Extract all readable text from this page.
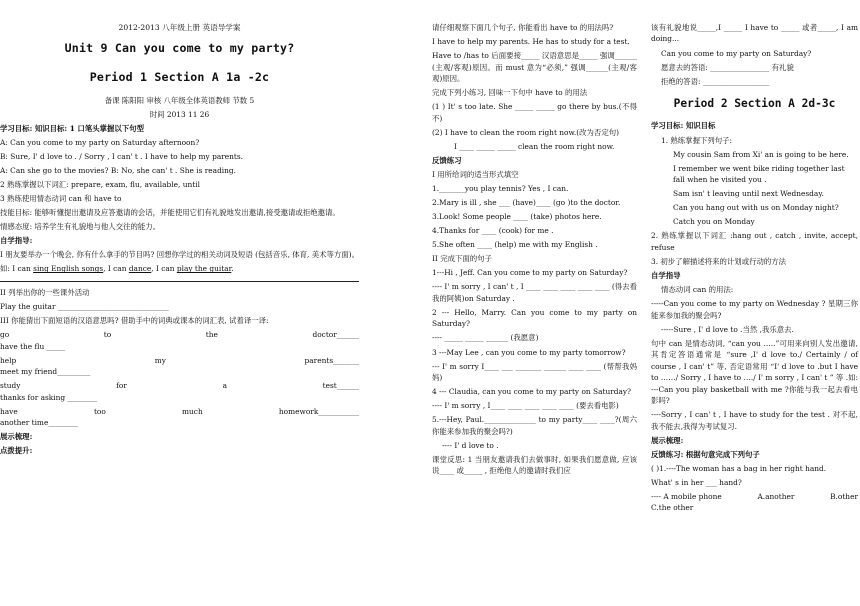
2012-2013 八年级上册 英语导学案

Unit 9 Can you come to my party?

Period 1 Section A 1a -2c

备课 陈阳阳 审核 八年级全体英语教师 节数 5

时间 2013 11 26

学习目标: 知识目标: 1 口笔头掌握以下句型

A: Can you come to my party on Saturday afternoon?

B: Sure, I' d love to . / Sorry , I can' t . I have to help my parents.

A: Can she go to the movies? B: No, she can' t . She is reading.

2 熟练掌握以下词汇: prepare, exam, flu, available, until

3 熟练使用情态动词 can 和 have to

技能目标: 能够听懂提出邀请及应答邀请的会话，并能使用它们有礼貌地发出邀请,接受邀请或拒绝邀请。

情感态度: 培养学生有礼貌地与他人交往的能力。

自学指导:

I 朋友要举办一个晚会, 你有什么拿手的节目吗? 回想你学过的相关动词及短语 (包括音乐, 体育, 美术等方面)。

如: I can sing English songs, I can dance, I can play the guitar.

II 列举出你的一些课外活动

Play the guitar ______________________________

III 你能猜出下面短语的汉语意思吗? 借助手中的词典或课本的词汇表, 试着译一译:

go	to	the	doctor______

have the flu _____

help	my	parents_______

meet my friend_________

study	for	a	test______

thanks for asking ________

have	too	much	homework___________

another time________

展示梳理:

点拨提升:

请仔细观察下面几个句子, 你能看出 have to 的用法吗?

I have to help my parents. He has to study for a test.

Have to /has to 后面要接_____ 汉语意思是_____ 强调______ (主观/客观)原因。而 must 意为“必须,” 强调______(主观/客观)原因。

完成下列小练习, 回味一下句中 have to 的用法

(1 ) It' s too late. She _____ _____ go there by bus.(不得不)

(2) I have to clean the room right now.(改为否定句)

I ____ _____ _____ clean the room right now.

反馈练习

I 用所给词的适当形式填空

1._______you play tennis? Yes , I can.

2.Mary is ill , she ___ (have)____ (go )to the doctor.

3.Look! Some people ____ (take) photos here.

4.Thanks for ____ (cook) for me .

5.She often ____ (help) me with my English .

II 完成下面的句子

1---Hi , Jeff. Can you come to my party on Saturday?

---- I' m sorry , I can' t , I ____ ____ ____ ____ ____ (得去看我的阿姨)on Saturday .

2 --- Hello, Marry. Can you come to my party on Saturday?

---- _____ _____ ______ (我愿意)

3 ---May Lee , can you come to my party tomorrow?

--- I' m sorry I____ ___ _______ ______ ____ ____ (帮帮我妈妈)

4 --- Claudia, can you come to my party on Saturday?

---- I' m sorry , I____ ____ ____ ____ ____ (要去看电影)

5.---Hey, Paul.______________ to my party____ ____?(周六你能来参加我的聚会吗?)

---- I' d love to .

课堂反思: 1 当朋友邀请我们去做事时, 如果我们愿意做, 应该说____ 或_____ , 拒绝他人的邀请时我们应

该有礼貌地说_____,I _____ I have to _____ 或者_____, I am doing...

Can you come to my party on Saturday?

愿意去的答语: ________________ 有礼貌

拒绝的答语: __________________

Period 2 Section A 2d-3c

学习目标: 知识目标

1. 熟练掌握下列句子:

My cousin Sam from Xi' an is going to be here.

I remember we went bike riding together last fall when he visited you .

Sam isn' t leaving until next Wednesday.

Can you hang out with us on Monday night?

Catch you on Monday

2. 熟练掌握以下词汇 :hang out , catch , invite, accept, refuse

3. 初步了解描述将来的计划或行动的方法

自学指导

情态动词 can 的用法:

-----Can you come to my party on Wednesday ? 星期三你能来参加我的聚会吗?

-----Sure , I' d love to .当然 ,我乐意去.

句中 can 是情态动词, “can you …..”可用来向别人发出邀请,其肯定答语通常是 “sure ,I' d love to./ Certainly / of course , I can' t” 等, 否定语常用 “I' d love to .but I have to ……/ Sorry , I have to …./ I' m sorry , I can' t ” 等 .如: ---Can you play basketball with me ?你能与我一起去看电影吗?

----Sorry , I can' t , I have to study for the test . 对不起,我不能去,我得为考试复习.

展示梳理:

反馈练习: 根据句意完成下列句子

( )1.----The woman has a bag in her right hand.

What' s in her ___ hand?

---- A mobile phone	A.another	B.other

C.the other
